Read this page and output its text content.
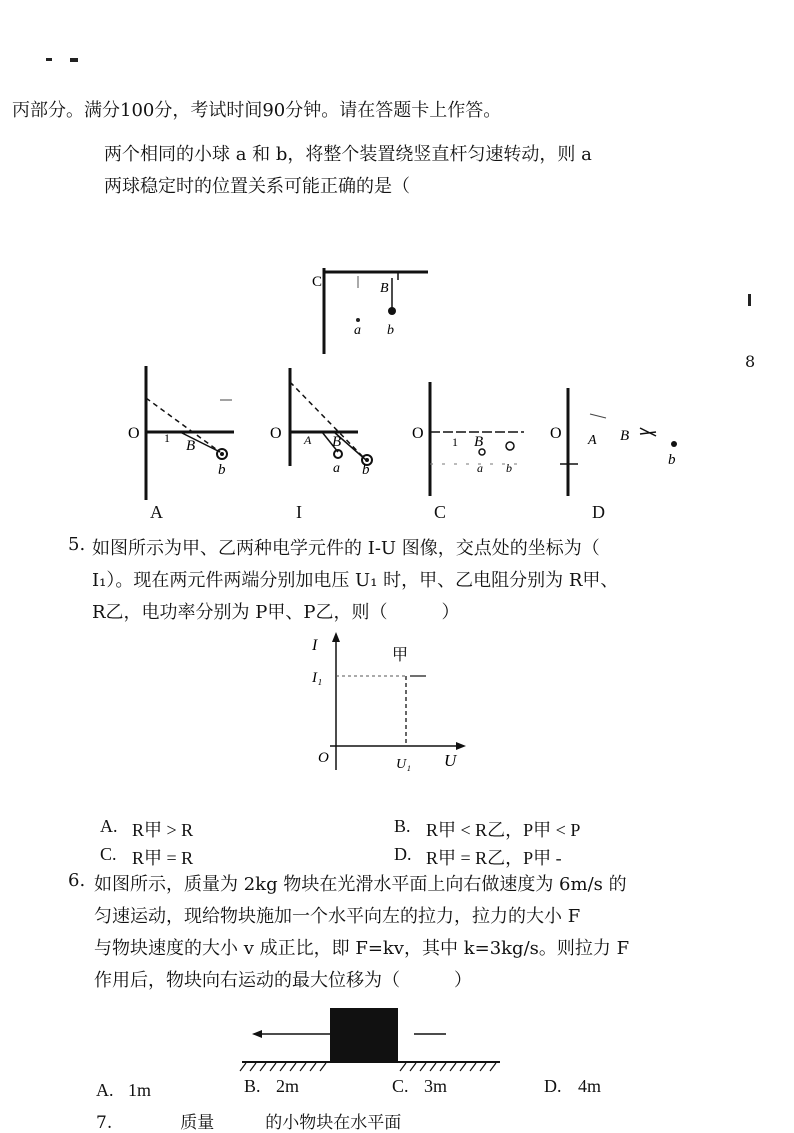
丙部分。满分100分，考试时间90分钟。请在答题卡上作答。
两个相同的小球 a 和 b，将整个装置绕竖直杆匀速转动，则 a
两球稳定时的位置关系可能正确的是（
8
C	B
a b
O 1 B
b
O A B
a b
O 1 B
a b
O A B
b
A	I	C	D
5. 如图所示为甲、乙两种电学元件的 I-U 图像，交点处的坐标为（
I₁）。现在两元件两端分别加电压 U₁ 时，甲、乙电阻分别为 R甲、
R乙，电功率分别为 P甲、P乙，则（　　　）
I
I₁
O	U₁ U
甲
A. R甲 > R	B. R甲 < R乙，P甲 < P
C. R甲 = R	D. R甲 = R乙，P甲 -
6. 如图所示，质量为 2kg 物块在光滑水平面上向右做速度为 6m/s 的
匀速运动，现给物块施加一个水平向左的拉力，拉力的大小 F
与物块速度的大小 v 成正比，即 F=kv，其中 k=3kg/s。则拉力 F
作用后，物块向右运动的最大位移为（　　　）
A. 1m	B. 2m	C. 3m	D. 4m
7.　　　　质量　　　的小物块在水平面
